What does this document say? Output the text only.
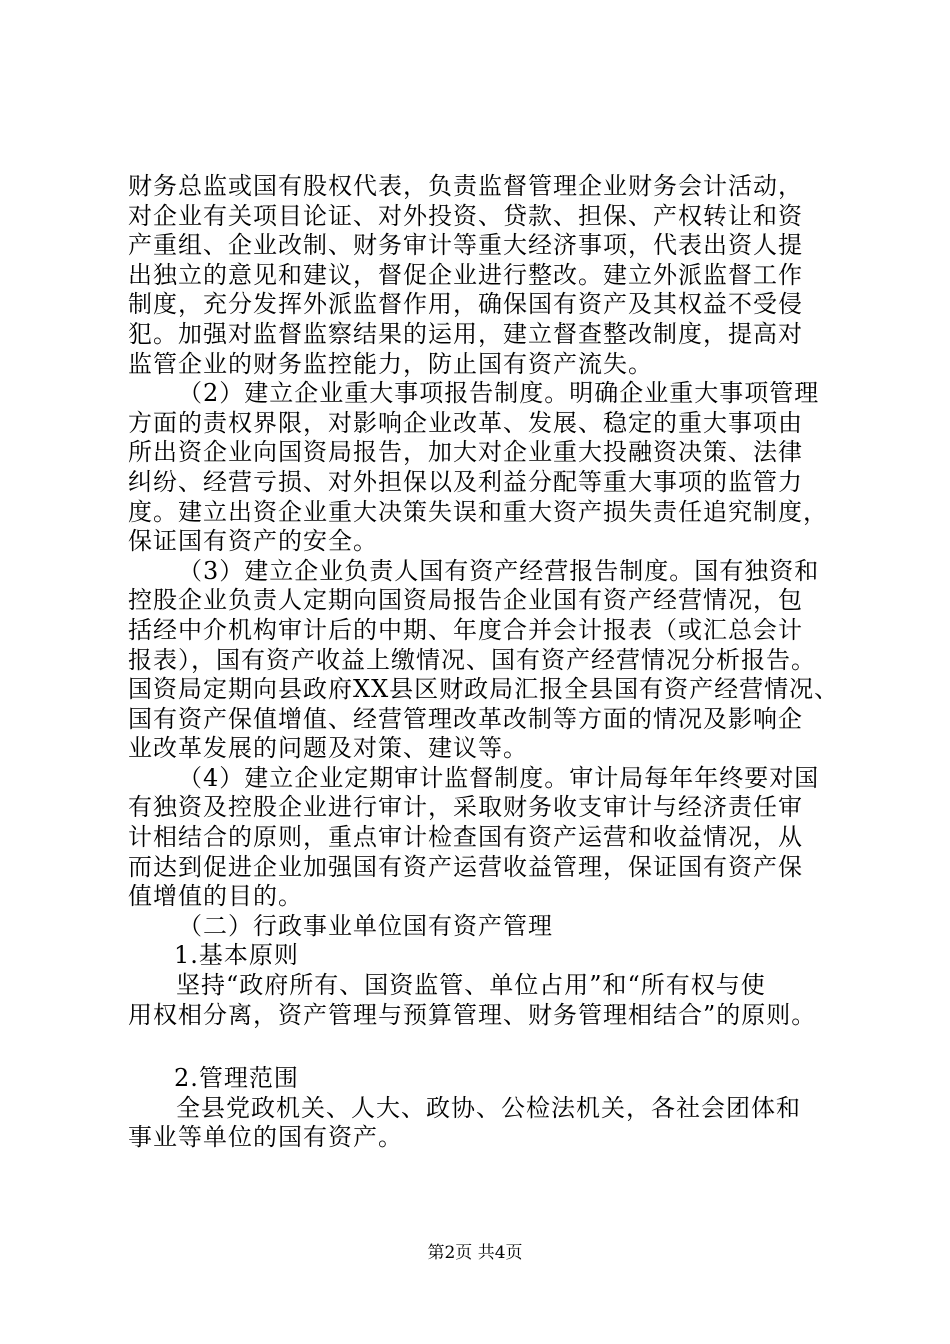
财务总监或国有股权代表，负责监督管理企业财务会计活动，
对企业有关项目论证、对外投资、贷款、担保、产权转让和资
产重组、企业改制、财务审计等重大经济事项，代表出资人提
出独立的意见和建议，督促企业进行整改。建立外派监督工作
制度，充分发挥外派监督作用，确保国有资产及其权益不受侵
犯。加强对监督监察结果的运用，建立督查整改制度，提高对
监管企业的财务监控能力，防止国有资产流失。
（2）建立企业重大事项报告制度。明确企业重大事项管理
方面的责权界限，对影响企业改革、发展、稳定的重大事项由
所出资企业向国资局报告，加大对企业重大投融资决策、法律
纠纷、经营亏损、对外担保以及利益分配等重大事项的监管力
度。建立出资企业重大决策失误和重大资产损失责任追究制度，
保证国有资产的安全。
（3）建立企业负责人国有资产经营报告制度。国有独资和
控股企业负责人定期向国资局报告企业国有资产经营情况，包
括经中介机构审计后的中期、年度合并会计报表（或汇总会计
报表），国有资产收益上缴情况、国有资产经营情况分析报告。
国资局定期向县政府XX县区财政局汇报全县国有资产经营情况、
国有资产保值增值、经营管理改革改制等方面的情况及影响企
业改革发展的问题及对策、建议等。
（4）建立企业定期审计监督制度。审计局每年年终要对国
有独资及控股企业进行审计，采取财务收支审计与经济责任审
计相结合的原则，重点审计检查国有资产运营和收益情况，从
而达到促进企业加强国有资产运营收益管理，保证国有资产保
值增值的目的。
（二）行政事业单位国有资产管理
1.基本原则
坚持“政府所有、国资监管、单位占用”和“所有权与使
用权相分离，资产管理与预算管理、财务管理相结合”的原则。
2.管理范围
全县党政机关、人大、政协、公检法机关，各社会团体和
事业等单位的国有资产。
第2页 共4页
